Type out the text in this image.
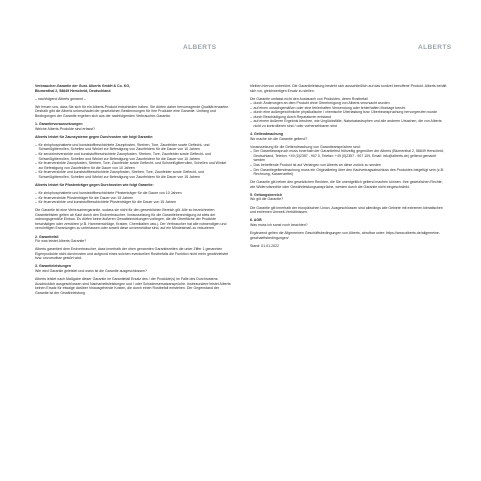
ALBERTS	ALBERTS

Verbraucher-Garantie der Gust. Alberts GmbH & Co. KG,
Blumenthal 2, 58849 Herscheid, Deutschland

– nachfolgend Alberts genannt –

Wir freuen uns, dass Sie sich für ein Alberts-Produkt entschieden haben. Sie dürfen daher hervorragende Qualität erwarten. Deshalb gibt die Alberts unbeschadet der gesetzlichen Bestimmungen für ihre Produkte eine Garantie. Umfang und Bedingungen der Garantie ergeben sich aus der nachfolgenden Verbraucher-Garantie.

1. Garantievoraussetzungen

Welche Alberts-Produkte sind erfasst?

Alberts leistet für Zaunsysteme gegen Durchrosten wie folgt Garantie:

– für zinkphosphatierte und kunststoffbeschichtete Zaunpfosten, Streben, Tore, Zaunfelder sowie Geflecht- und Schweißgitterrollen, Schellen und Winkel zur Befestigung von Zaunfeldern für die Dauer von 10 Jahren
– für sendzimirverzinkte und kunststoffbeschichtete Zaunpfosten, Streben, Tore, Zaunfelder sowie Geflecht- und Schweißgitterrollen, Schellen und Winkel zur Befestigung von Zaunfeldern für die Dauer von 10 Jahren
– für feuerverzinkte Zaunpfosten, Streben, Tore, Zaunfelder sowie Geflecht- und Schweißgitterrollen, Schellen und Winkel zur Befestigung von Zaunfeldern für die Dauer von 10 Jahren
– für feuerverzinkte und kunststoffbeschichtete Zaunpfosten, Streben, Tore, Zaunfelder sowie Geflecht- und Schweißgitterrollen, Schellen und Winkel zur Befestigung von Zaunfeldern für die Dauer von 15 Jahren

Alberts leistet für Pfostenträger gegen Durchrosten wie folgt Garantie:

– für zinkphosphatierte und kunststoffbeschichtete Pfostenträger für die Dauer von 10 Jahren
– für feuerverzinkte Pfostenträger für die Dauer von 15 Jahren
– für feuerverzinkte und kunststoffbeschichtete Pfostenträger für die Dauer von 15 Jahren

Die Garantie ist eine Verbrauchergarantie, sodass sie nicht für den gewerblichen Bereich gilt. Alle so bezeichneten Garantiefristen gelten ab Kauf durch den Endverbraucher. Voraussetzung für die Garantieberechtigung ist stets der ordnungsgemäße Einbau. Es dürfen keine äußeren Gewalteinwirkungen vorliegen, die die Oberfläche der Produkte beschädigen oder zerstören (z.B. Hammerschläge, Kratzer, Chemikalien usw.). Der Verbraucher hat alle notwendigen und vernünftigen Erwartungen zu unterlassen oder soweit diese unvermeidbar sind, auf ein Mindestmaß zu reduzieren.

2. Garantiefall

Für was leistet Alberts Garantie?

Alberts garantiert dem Endverbraucher, dass innerhalb der oben genannten Garantiezeiten die unter Ziffer 1 genannten Eigenprodukte nicht durchrosten und aufgrund eines solchen eventuellen Rostbefalls die Funktion nicht mehr gewährleistet bzw. unzumutbar gestört wird.

3. Garantieleistungen

Wie wird Garantie geleistet und wann ist die Garantie ausgeschlossen?

Alberts leistet nach Maßgabe dieser Garantie im Garantiefall Ersatz des / der Produkte(s) im Falle des Durchrostens. Ausdrücklich ausgeschlossen sind Nacharbeitsleistungen und / oder Schadensersatzansprüche. Insbesondere leistet Alberts keinen Ersatz für etwaige darüber hinausgehende Kosten, die durch einen Rostbefall entstehen. Der Gegenstand der Garantie ist der Gewährleistung

bleiben hiervon unberührt. Die Garantieleistung besteht sich ausschließlich auf das konkret betroffene Produkt. Alberts behält sich vor, gleichwertigen Ersatz zu stellen.

Die Garantie umfasst nicht den Austausch von Produkten, deren Rostbefall

– durch Änderungen an dem Produkt ohne Genehmigung von Alberts verursacht wurden
– auf einen unsachgemäßen oder eine fehlerhaften Verwendung oder fehlerhaften Montage beruht
– durch eine außergewöhnliche physikalische / chemische Überlastung bzw. Überbeanspruchung hervorgerufen wurde
– durch Beschädigung durch Reparaturen entstand
– auf einem äußeren Ergebnis beruhen, wie Unglücksfälle, Naturkatastrophen und alle anderen Ursachen, die von Alberts nicht zu kontrollieren sind / oder vorhersehbaren sind

4. Geltendmachung

Wo mache ich die Garantie geltend?

Voraussetzung für die Geltendmachung von Garantieansprüchen sind:

– Der Garantieanspruch muss innerhalb der Garantiefrist frühzeitig gegenüber der Alberts (Blumenthal 2, 58849 Herscheid, Deutschland, Telefon: +49 (0)2357 - 907 0, Telefax: +49 (0)2357 - 907 109, Email: info@alberts.de) geltend gemacht werden
– Das betreffende Produkt ist auf Verlangen von Alberts an diese zurück zu senden
– Der Garantiegeltendmachung muss ein Originalbeleg über den Kaufvertragsabschluss des Produktes beigefügt sein (z.B. Rechnung, Kassenzettel)

Die Garantie gilt neben den gesetzlichen Rechten, die Sie unentgeltlich geltend machen können. Ihre gesetzlichen Rechte, wie Widerrufsrechte oder Gewährleistungsansprüche, werden durch die Garantie nicht eingeschränkt.

5. Geltungsbereich

Wo gilt die Garantie?

Die Garantie gilt innerhalb der europäischen Union, Ausgeschlossen sind allerdings alle Gebiete mit extremen klimatischen und extremen Umwelt-Verhältnissen.

6. AGB

Was muss ich sonst noch beachten?

Ergänzend gelten die Allgemeinen Geschäftsbedingungen von Alberts, abrufbar unter: https://www.alberts.de/allgemeine-geschaeftsbedingungen/

Stand: 01.01.2022
